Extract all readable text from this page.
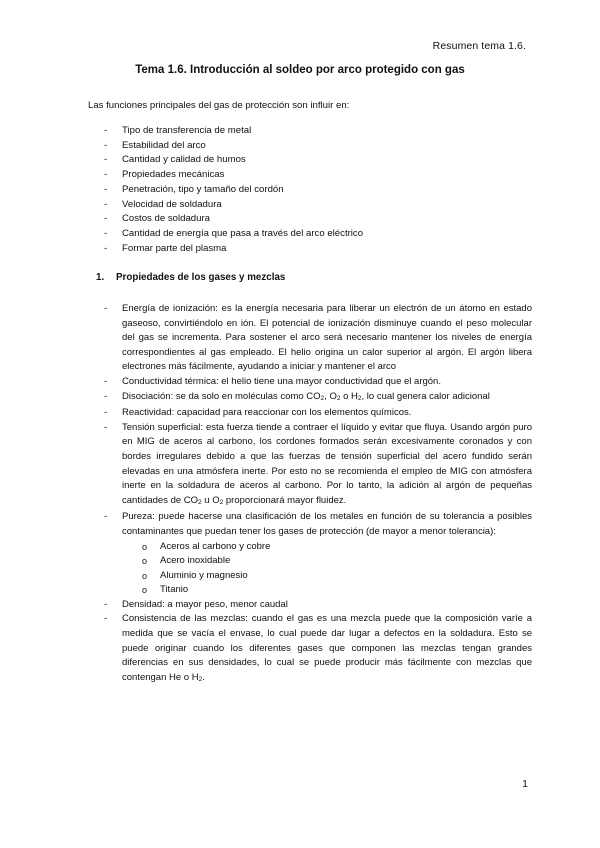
Resumen tema 1.6.
Tema 1.6. Introducción al soldeo por arco protegido con gas
Las funciones principales del gas de protección son influir en:
- Tipo de transferencia de metal
- Estabilidad del arco
- Cantidad y calidad de humos
- Propiedades mecánicas
- Penetración, tipo y tamaño del cordón
- Velocidad de soldadura
- Costos de soldadura
- Cantidad de energía que pasa a través del arco eléctrico
- Formar parte del plasma
1. Propiedades de los gases y mezclas
- Energía de ionización: es la energía necesaria para liberar un electrón de un átomo en estado gaseoso, convirtiéndolo en ión. El potencial de ionización disminuye cuando el peso molecular del gas se incrementa. Para sostener el arco será necesario mantener los niveles de energía correspondientes al gas empleado. El helio origina un calor superior al argón. El argón libera electrones más fácilmente, ayudando a iniciar y mantener el arco
- Conductividad térmica: el helio tiene una mayor conductividad que el argón.
- Disociación: se da solo en moléculas como $CO_2$, $O_2$ o $H_2$, lo cual genera calor adicional
- Reactividad: capacidad para reaccionar con los elementos químicos.
- Tensión superficial: esta fuerza tiende a contraer el líquido y evitar que fluya. Usando argón puro en MIG de aceros al carbono, los cordones formados serán excesivamente coronados y con bordes irregulares debido a que las fuerzas de tensión superficial del acero fundido serán elevadas en una atmósfera inerte. Por esto no se recomienda el empleo de MIG con atmósfera inerte en la soldadura de aceros al carbono. Por lo tanto, la adición al argón de pequeñas cantidades de $CO_2$ u $O_2$ proporcionará mayor fluidez.
- Pureza: puede hacerse una clasificación de los metales en función de su tolerancia a posibles contaminantes que puedan tener los gases de protección (de mayor a menor tolerancia):
o Aceros al carbono y cobre
o Acero inoxidable
o Aluminio y magnesio
o Titanio
- Densidad: a mayor peso, menor caudal
- Consistencia de las mezclas: cuando el gas es una mezcla puede que la composición varíe a medida que se vacía el envase, lo cual puede dar lugar a defectos en la soldadura. Esto se puede originar cuando los diferentes gases que componen las mezclas tengan grandes diferencias en sus densidades, lo cual se puede producir más fácilmente con mezclas que contengan He o $H_2$.
1
